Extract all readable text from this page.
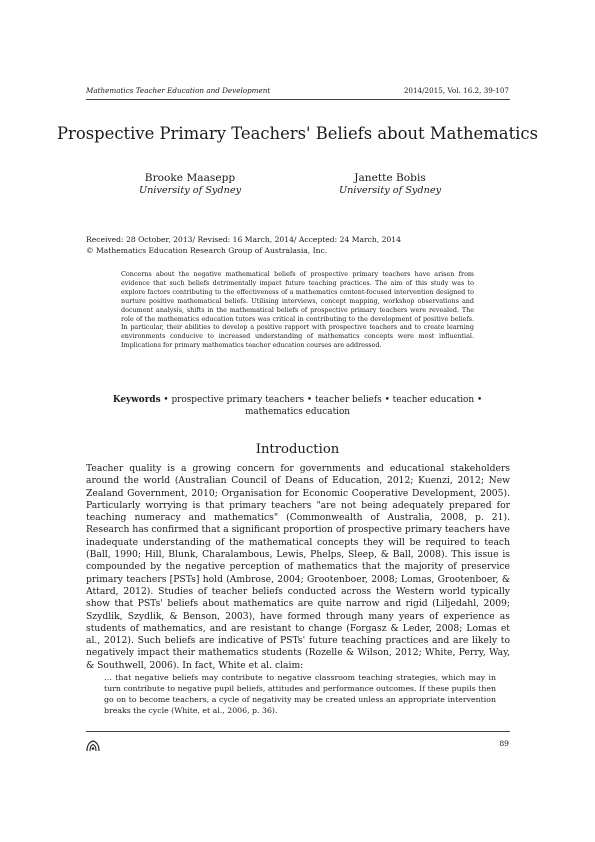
Mathematics Teacher Education and Development	2014/2015, Vol. 16.2, 39-107
Prospective Primary Teachers' Beliefs about Mathematics
Brooke Maasepp
University of Sydney
Janette Bobis
University of Sydney
Received: 28 October, 2013/ Revised: 16 March, 2014/ Accepted: 24 March, 2014
© Mathematics Education Research Group of Australasia, Inc.
Concerns about the negative mathematical beliefs of prospective primary teachers have arisen from evidence that such beliefs detrimentally impact future teaching practices. The aim of this study was to explore factors contributing to the effectiveness of a mathematics content-focused intervention designed to nurture positive mathematical beliefs. Utilising interviews, concept mapping, workshop observations and document analysis, shifts in the mathematical beliefs of prospective primary teachers were revealed. The role of the mathematics education tutors was critical in contributing to the development of positive beliefs. In particular, their abilities to develop a positive rapport with prospective teachers and to create learning environments conducive to increased understanding of mathematics concepts were most influential. Implications for primary mathematics teacher education courses are addressed.
Keywords • prospective primary teachers • teacher beliefs • teacher education • mathematics education
Introduction
Teacher quality is a growing concern for governments and educational stakeholders around the world (Australian Council of Deans of Education, 2012; Kuenzi, 2012; New Zealand Government, 2010; Organisation for Economic Cooperative Development, 2005). Particularly worrying is that primary teachers "are not being adequately prepared for teaching numeracy and mathematics" (Commonwealth of Australia, 2008, p. 21). Research has confirmed that a significant proportion of prospective primary teachers have inadequate understanding of the mathematical concepts they will be required to teach (Ball, 1990; Hill, Blunk, Charalambous, Lewis, Phelps, Sleep, & Ball, 2008). This issue is compounded by the negative perception of mathematics that the majority of preservice primary teachers [PSTs] hold (Ambrose, 2004; Grootenboer, 2008; Lomas, Grootenboer, & Attard, 2012). Studies of teacher beliefs conducted across the Western world typically show that PSTs' beliefs about mathematics are quite narrow and rigid (Liljedahl, 2009; Szydlik, Szydlik, & Benson, 2003), have formed through many years of experience as students of mathematics, and are resistant to change (Forgasz & Leder, 2008; Lomas et al., 2012). Such beliefs are indicative of PSTs' future teaching practices and are likely to negatively impact their mathematics students (Rozelle & Wilson, 2012; White, Perry, Way, & Southwell, 2006). In fact, White et al. claim:
… that negative beliefs may contribute to negative classroom teaching strategies, which may in turn contribute to negative pupil beliefs, attitudes and performance outcomes. If these pupils then go on to become teachers, a cycle of negativity may be created unless an appropriate intervention breaks the cycle (White, et al., 2006, p. 36).
89
